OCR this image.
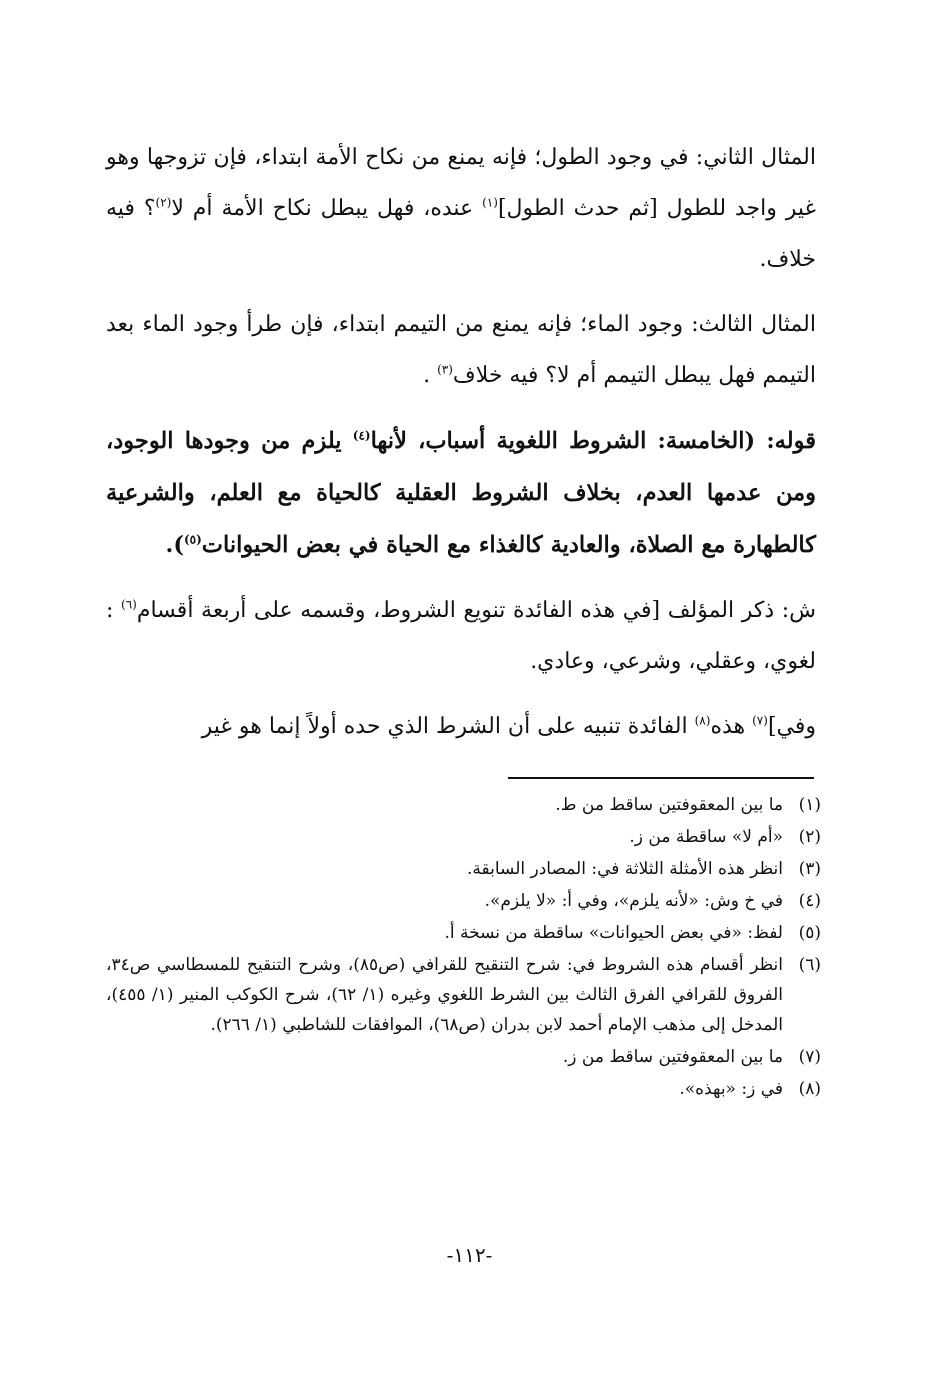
المثال الثاني: في وجود الطول؛ فإنه يمنع من نكاح الأمة ابتداء، فإن تزوجها وهو غير واجد للطول [ثم حدث الطول]$^{(١)}$ عنده، فهل يبطل نكاح الأمة أم لا$^{(٢)}$؟ فيه خلاف.

المثال الثالث: وجود الماء؛ فإنه يمنع من التيمم ابتداء، فإن طرأ وجود الماء بعد التيمم فهل يبطل التيمم أم لا؟ فيه خلاف$^{(٣)}$ .

قوله: (الخامسة: الشروط اللغوية أسباب، لأنها$^{(٤)}$ يلزم من وجودها الوجود، ومن عدمها العدم، بخلاف الشروط العقلية كالحياة مع العلم، والشرعية كالطهارة مع الصلاة، والعادية كالغذاء مع الحياة في بعض الحيوانات$^{(٥)}$).

ش: ذكر المؤلف [في هذه الفائدة تنويع الشروط، وقسمه على أربعة أقسام$^{(٦)}$ : لغوي، وعقلي، وشرعي، وعادي.

وفي]$^{(٧)}$ هذه$^{(٨)}$ الفائدة تنبيه على أن الشرط الذي حده أولاً إنما هو غير

(١)
ما بين المعقوفتين ساقط من ط.
(٢)
«أم لا» ساقطة من ز.
(٣)
انظر هذه الأمثلة الثلاثة في: المصادر السابقة.
(٤)
في خ وش: «لأنه يلزم»، وفي أ: «لا يلزم».
(٥)
لفظ: «في بعض الحيوانات» ساقطة من نسخة أ.
(٦)
انظر أقسام هذه الشروط في: شرح التنقيح للقرافي (ص٨٥)، وشرح التنقيح للمسطاسي ص٣٤، الفروق للقرافي الفرق الثالث بين الشرط اللغوي وغيره (١/ ٦٢)، شرح الكوكب المنير (١/ ٤٥٥)، المدخل إلى مذهب الإمام أحمد لابن بدران (ص٦٨)، الموافقات للشاطبي (١/ ٢٦٦).
(٧)
ما بين المعقوفتين ساقط من ز.
(٨)
في ز: «بهذه».
-١١٢-
